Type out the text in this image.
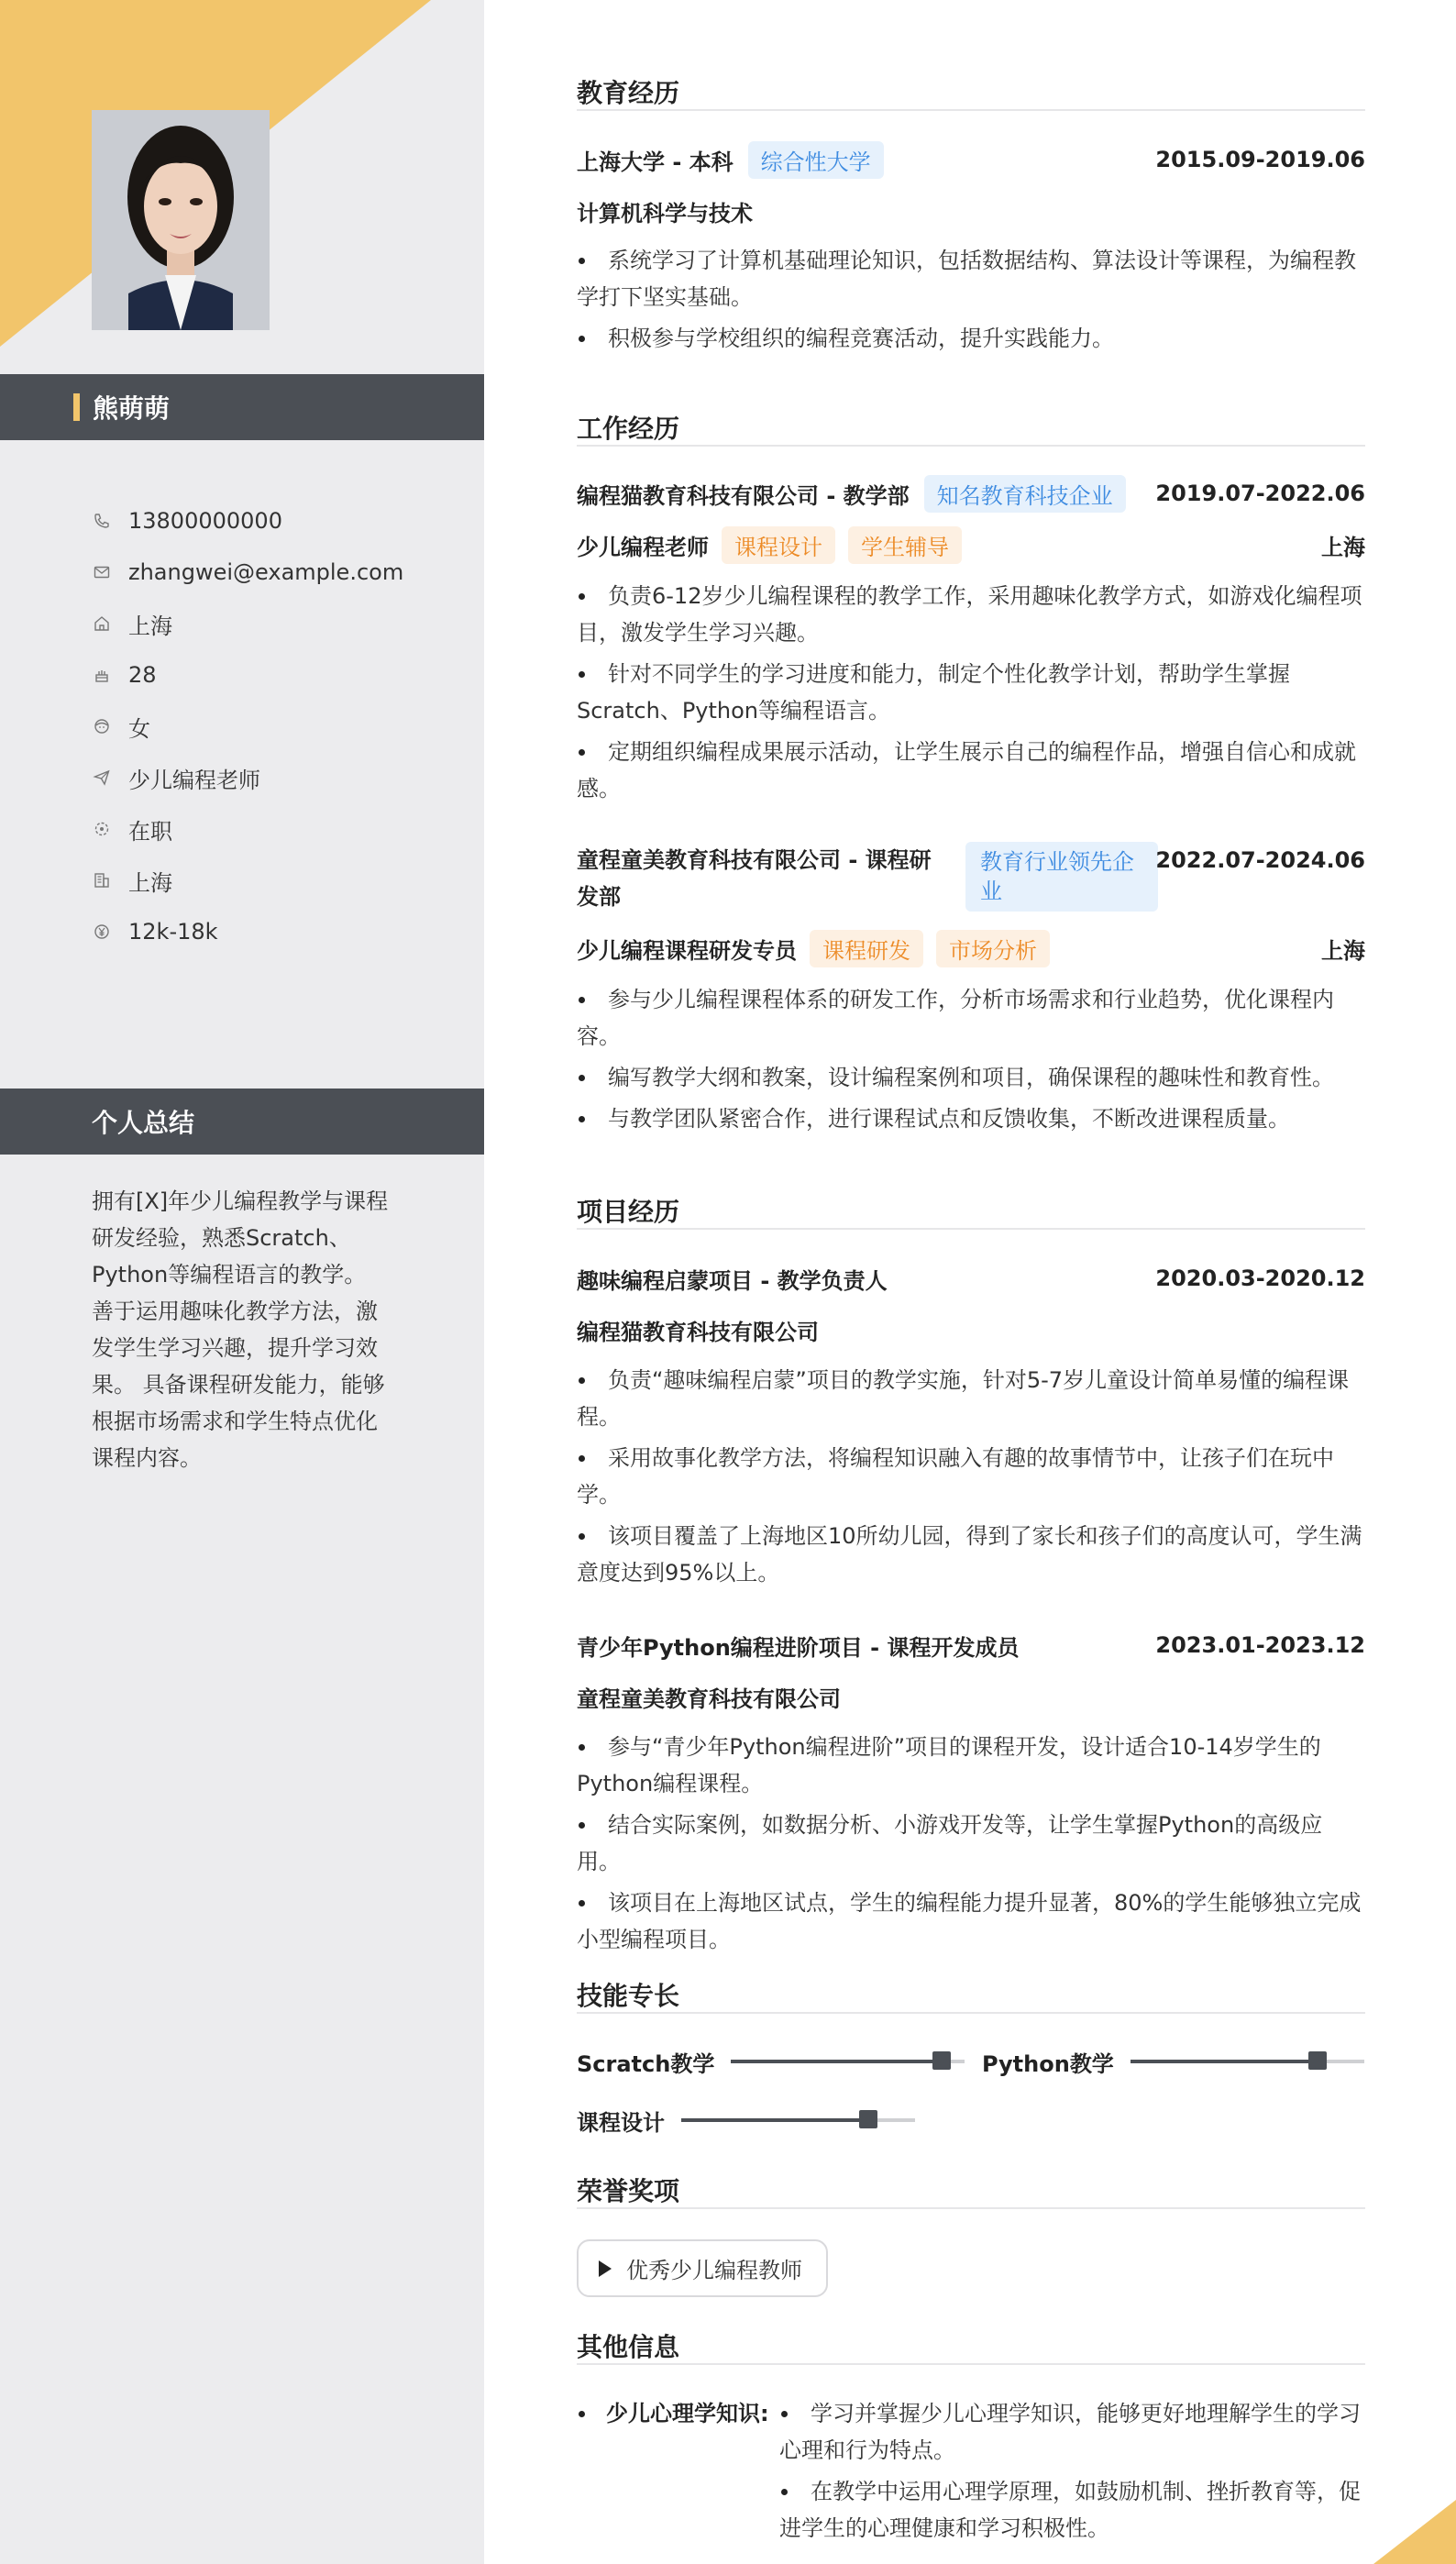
熊萌萌
13800000000
zhangwei@example.com
上海
28
女
少儿编程老师
在职
上海
12k-18k
个人总结

拥有[X]年少儿编程教学与课程研发经验，熟悉Scratch、Python等编程语言的教学。 善于运用趣味化教学方法，激发学生学习兴趣，提升学习效果。 具备课程研发能力，能够根据市场需求和学生特点优化课程内容。

教育经历
上海大学 - 本科	综合性大学	2015.09-2019.06
计算机科学与技术
系统学习了计算机基础理论知识，包括数据结构、算法设计等课程，为编程教学打下坚实基础。
积极参与学校组织的编程竞赛活动，提升实践能力。
工作经历
编程猫教育科技有限公司 - 教学部	知名教育科技企业	2019.07-2022.06
少儿编程老师	课程设计	学生辅导	上海
负责6-12岁少儿编程课程的教学工作，采用趣味化教学方式，如游戏化编程项目，激发学生学习兴趣。
针对不同学生的学习进度和能力，制定个性化教学计划，帮助学生掌握Scratch、Python等编程语言。
定期组织编程成果展示活动，让学生展示自己的编程作品，增强自信心和成就感。
童程童美教育科技有限公司 - 课程研发部
教育行业领先企业
2022.07-2024.06
少儿编程课程研发专员	课程研发	市场分析	上海
参与少儿编程课程体系的研发工作，分析市场需求和行业趋势，优化课程内容。
编写教学大纲和教案，设计编程案例和项目，确保课程的趣味性和教育性。
与教学团队紧密合作，进行课程试点和反馈收集，不断改进课程质量。
项目经历
趣味编程启蒙项目 - 教学负责人	2020.03-2020.12
编程猫教育科技有限公司
负责“趣味编程启蒙”项目的教学实施，针对5-7岁儿童设计简单易懂的编程课程。
采用故事化教学方法，将编程知识融入有趣的故事情节中，让孩子们在玩中学。
该项目覆盖了上海地区10所幼儿园，得到了家长和孩子们的高度认可，学生满意度达到95%以上。
青少年Python编程进阶项目 - 课程开发成员	2023.01-2023.12
童程童美教育科技有限公司
参与“青少年Python编程进阶”项目的课程开发，设计适合10-14岁学生的Python编程课程。
结合实际案例，如数据分析、小游戏开发等，让学生掌握Python的高级应用。
该项目在上海地区试点，学生的编程能力提升显著，80%的学生能够独立完成小型编程项目。
技能专长
Scratch教学	Python教学
课程设计
荣誉奖项
优秀少儿编程教师
其他信息
少儿心理学知识:	学习并掌握少儿心理学知识，能够更好地理解学生的学习心理和行为特点。
在教学中运用心理学原理，如鼓励机制、挫折教育等，促进学生的心理健康和学习积极性。
